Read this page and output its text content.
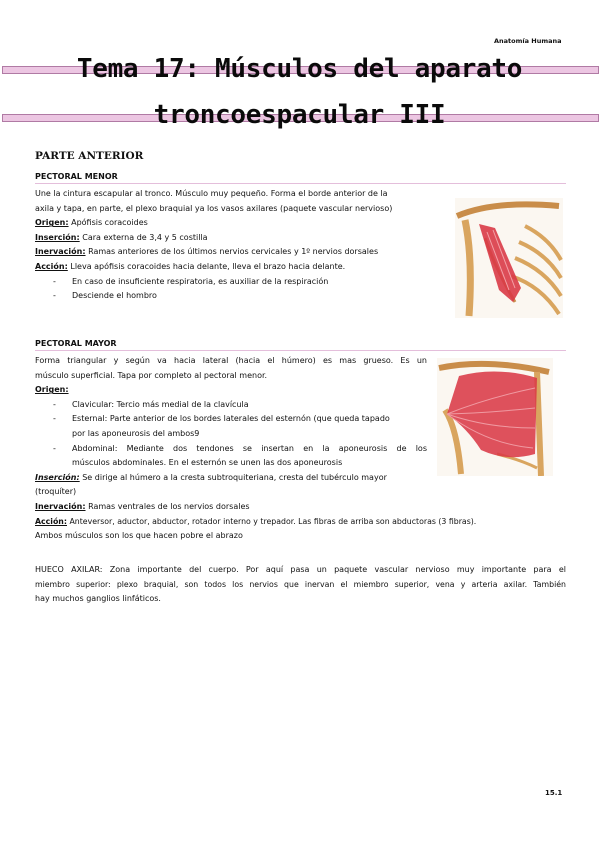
Anatomía Humana
Tema 17: Músculos del aparato
troncoespacular III
PARTE ANTERIOR
PECTORAL MENOR
Une la cintura escapular al tronco. Músculo muy pequeño. Forma el borde anterior de la
axila y tapa, en parte, el plexo braquial ya los vasos axilares (paquete vascular nervioso)
Origen: Apófisis coracoides
Inserción: Cara externa de 3,4 y 5 costilla
Inervación: Ramas anteriores de los últimos nervios cervicales y 1º nervios dorsales
Acción: Lleva apófisis coracoides hacia delante, lleva el brazo hacia delante.
- En caso de insuficiente respiratoria, es auxiliar de la respiración
- Desciende el hombro
PECTORAL MAYOR
Forma triangular y según va hacia lateral (hacia el húmero) es mas grueso. Es un
músculo superficial. Tapa por completo al pectoral menor.
Origen:
- Clavicular: Tercio más medial de la clavícula
- Esternal: Parte anterior de los bordes laterales del esternón (que queda tapado
por las aponeurosis del ambos9
- Abdominal: Mediante dos tendones se insertan en la aponeurosis de los
músculos abdominales. En el esternón se unen las dos aponeurosis
Inserción: Se dirige al húmero a la cresta subtroquiteriana, cresta del tubérculo mayor
(troquíter)
Inervación: Ramas ventrales de los nervios dorsales
Acción: Anteversor, aductor, abductor, rotador interno y trepador. Las fibras de arriba son abductoras (3 fibras).
Ambos músculos son los que hacen pobre el abrazo
HUECO AXILAR: Zona importante del cuerpo. Por aquí pasa un paquete vascular nervioso muy importante para el
miembro superior: plexo braquial, son todos los nervios que inervan el miembro superior, vena y arteria axilar. También
hay muchos ganglios linfáticos.
15.1
